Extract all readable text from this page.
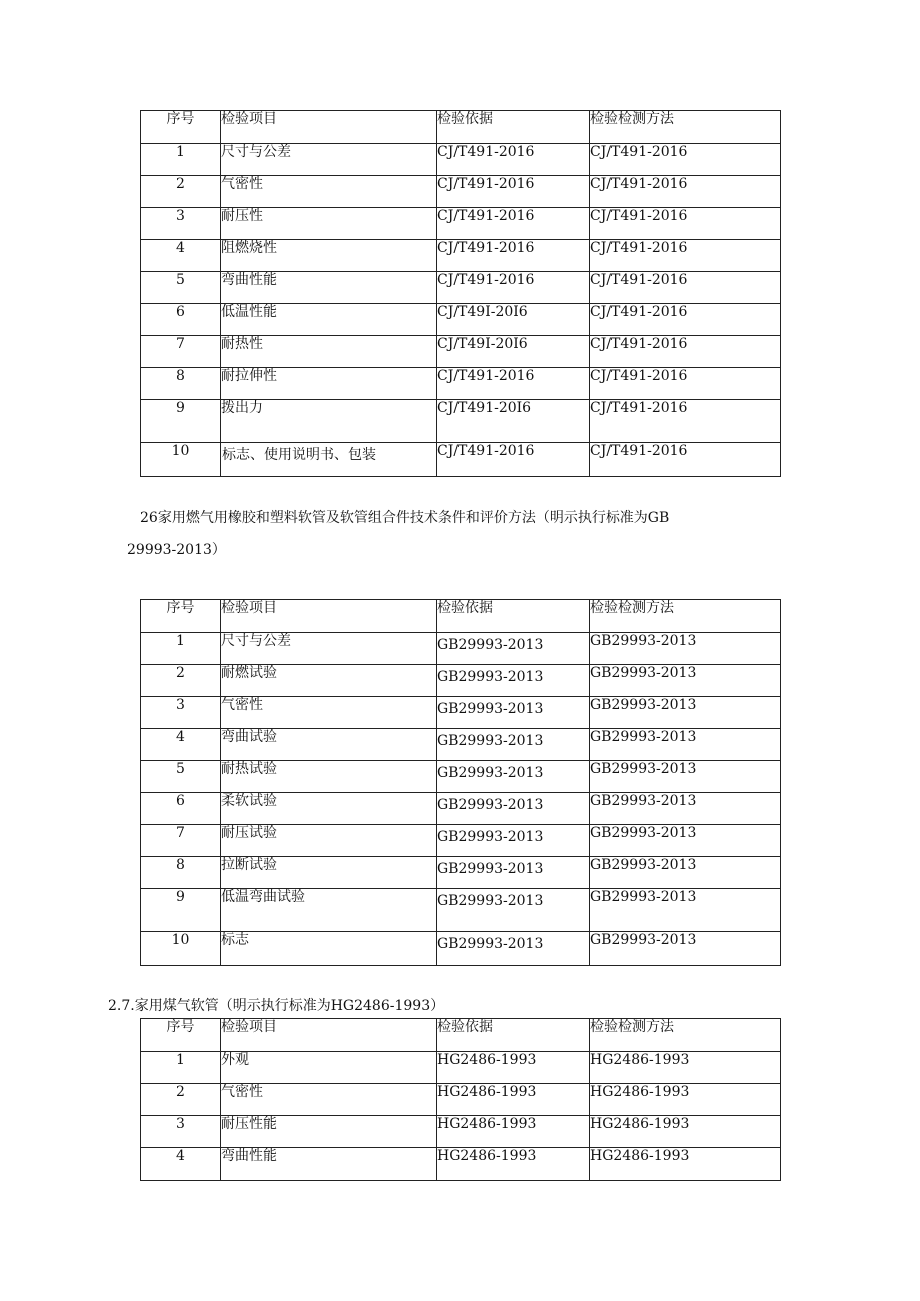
序号	检验项目	检验依据	检验检测方法
1	尺寸与公差	CJ/T491-2016	CJ/T491-2016
2	气密性	CJ/T491-2016	CJ/T491-2016
3	耐压性	CJ/T491-2016	CJ/T491-2016
4	阻燃烧性	CJ/T491-2016	CJ/T491-2016
5	弯曲性能	CJ/T491-2016	CJ/T491-2016
6	低温性能	CJ/T49I-20I6	CJ/T491-2016
7	耐热性	CJ/T49I-20I6	CJ/T491-2016
8	耐拉伸性	CJ/T491-2016	CJ/T491-2016
9	拨出力	CJ/T491-20I6	CJ/T491-2016
10	标志、使用说明书、包装	CJ/T491-2016	CJ/T491-2016
26家用燃气用橡胶和塑料软管及软管组合件技术条件和评价方法（明示执行标准为GB
29993-2013）
序号	检验项目	检验依据	检验检测方法
1	尺寸与公差	GB29993-2013	GB29993-2013
2	耐燃试验	GB29993-2013	GB29993-2013
3	气密性	GB29993-2013	GB29993-2013
4	弯曲试验	GB29993-2013	GB29993-2013
5	耐热试验	GB29993-2013	GB29993-2013
6	柔软试验	GB29993-2013	GB29993-2013
7	耐压试验	GB29993-2013	GB29993-2013
8	拉断试验	GB29993-2013	GB29993-2013
9	低温弯曲试验	GB29993-2013	GB29993-2013
10	标志	GB29993-2013	GB29993-2013
2.7.家用煤气软管（明示执行标准为HG2486-1993）
序号	检验项目	检验依据	检验检测方法
1	外观	HG2486-1993	HG2486-1993
2	气密性	HG2486-1993	HG2486-1993
3	耐压性能	HG2486-1993	HG2486-1993
4	弯曲性能	HG2486-1993	HG2486-1993
